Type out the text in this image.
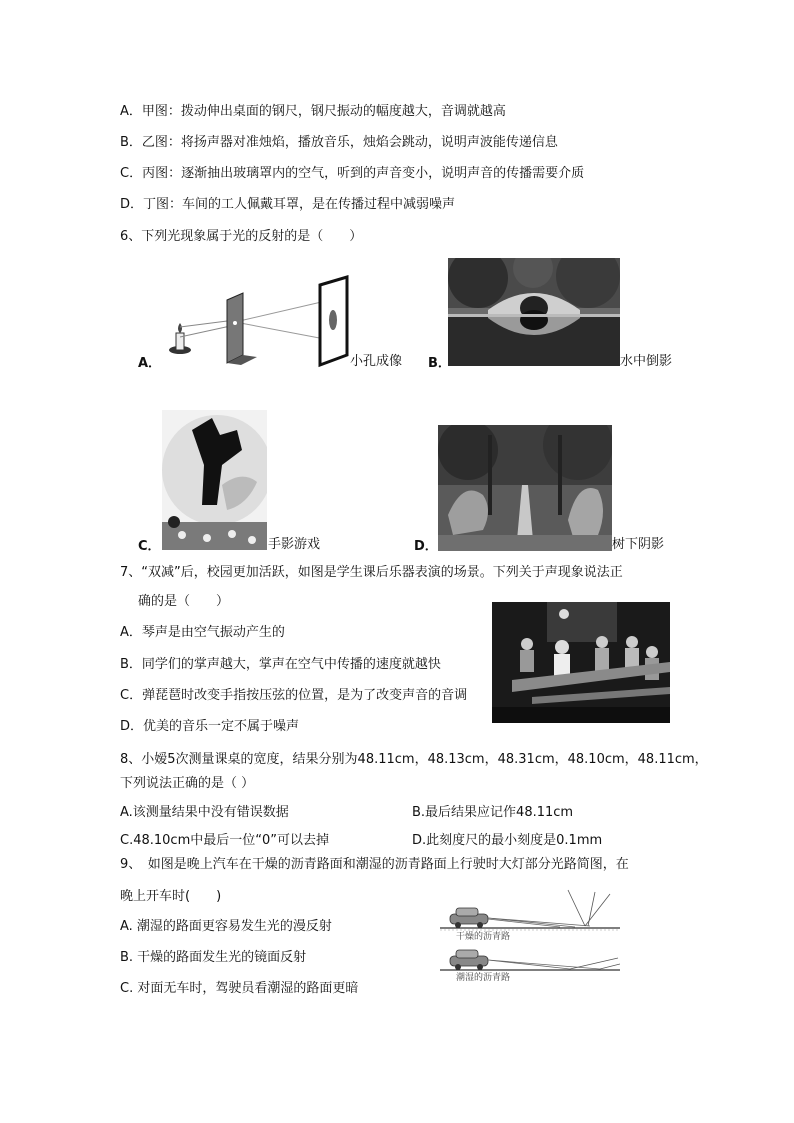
A．甲图：拨动伸出桌面的钢尺，钢尺振动的幅度越大，音调就越高
B．乙图：将扬声器对准烛焰，播放音乐，烛焰会跳动，说明声波能传递信息
C．丙图：逐渐抽出玻璃罩内的空气，听到的声音变小，说明声音的传播需要介质
D．丁图：车间的工人佩戴耳罩，是在传播过程中减弱噪声
6、下列光现象属于光的反射的是（　　）
A．	小孔成像 B．	水中倒影
C．	手影游戏	D．	树下阴影
7、“双减”后，校园更加活跃，如图是学生课后乐器表演的场景。下列关于声现象说法正
确的是（　　）
A．琴声是由空气振动产生的
B．同学们的掌声越大，掌声在空气中传播的速度就越快
C．弹琵琶时改变手指按压弦的位置，是为了改变声音的音调
D．优美的音乐一定不属于噪声
8、小嫒5次测量课桌的宽度，结果分别为48.11cm，48.13cm，48.31cm，48.10cm，48.11cm，
下列说法正确的是（ ）
A.该测量结果中没有错误数据	B.最后结果应记作48.11cm
C.48.10cm中最后一位“0”可以去掉	D.此刻度尺的最小刻度是0.1mm
9、　如图是晚上汽车在干燥的沥青路面和潮湿的沥青路面上行驶时大灯部分光路简图，在
晚上开车时(　　)
A. 潮湿的路面更容易发生光的漫反射
B. 干燥的路面发生光的镜面反射
C. 对面无车时，驾驶员看潮湿的路面更暗
干燥的沥青路
潮湿的沥青路
